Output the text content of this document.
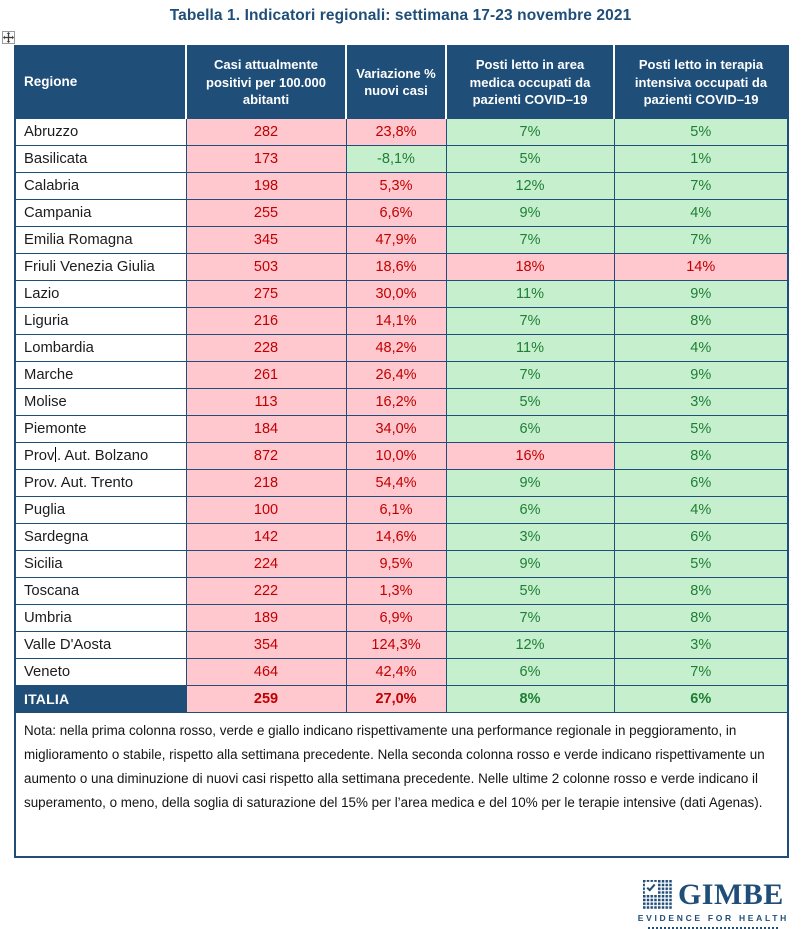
Tabella 1. Indicatori regionali: settimana 17-23 novembre 2021
Regione	Casi attualmente positivi per 100.000 abitanti	Variazione % nuovi casi	Posti letto in area medica occupati da pazienti COVID–19	Posti letto in terapia intensiva occupati da pazienti COVID–19
Abruzzo	282	23,8%	7%	5%
Basilicata	173	-8,1%	5%	1%
Calabria	198	5,3%	12%	7%
Campania	255	6,6%	9%	4%
Emilia Romagna	345	47,9%	7%	7%
Friuli Venezia Giulia	503	18,6%	18%	14%
Lazio	275	30,0%	11%	9%
Liguria	216	14,1%	7%	8%
Lombardia	228	48,2%	11%	4%
Marche	261	26,4%	7%	9%
Molise	113	16,2%	5%	3%
Piemonte	184	34,0%	6%	5%
Prov . Aut. Bolzano	872	10,0%	16%	8%
Prov. Aut. Trento	218	54,4%	9%	6%
Puglia	100	6,1%	6%	4%
Sardegna	142	14,6%	3%	6%
Sicilia	224	9,5%	9%	5%
Toscana	222	1,3%	5%	8%
Umbria	189	6,9%	7%	8%
Valle D'Aosta	354	124,3%	12%	3%
Veneto	464	42,4%	6%	7%
ITALIA	259	27,0%	8%	6%
Nota: nella prima colonna rosso, verde e giallo indicano rispettivamente una performance regionale in peggioramento, in miglioramento o stabile, rispetto alla settimana precedente. Nella seconda colonna rosso e verde indicano rispettivamente un aumento o una diminuzione di nuovi casi rispetto alla settimana precedente. Nelle ultime 2 colonne rosso e verde indicano il superamento, o meno, della soglia di saturazione del 15% per l’area medica e del 10% per le terapie intensive (dati Agenas).				
GIMBE
EVIDENCE FOR HEALTH
